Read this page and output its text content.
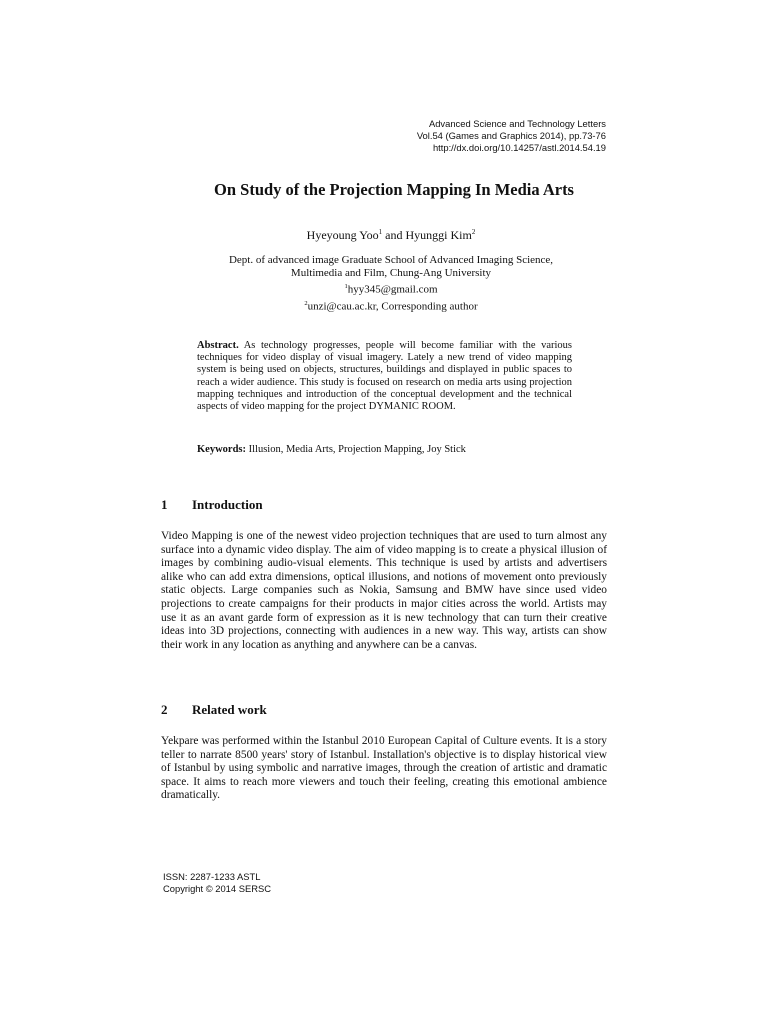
Advanced Science and Technology Letters
Vol.54 (Games and Graphics 2014), pp.73-76
http://dx.doi.org/10.14257/astl.2014.54.19
On Study of the Projection Mapping In Media Arts
Hyeyoung Yoo$^1$ and Hyunggi Kim$^2$
Dept. of advanced image Graduate School of Advanced Imaging Science,
Multimedia and Film, Chung-Ang University
$^1$hyy345@gmail.com
$^2$unzi@cau.ac.kr, Corresponding author
Abstract. As technology progresses, people will become familiar with the various techniques for video display of visual imagery. Lately a new trend of video mapping system is being used on objects, structures, buildings and displayed in public spaces to reach a wider audience. This study is focused on research on media arts using projection mapping techniques and introduction of the conceptual development and the technical aspects of video mapping for the project DYMANIC ROOM.
Keywords: Illusion, Media Arts, Projection Mapping, Joy Stick
1 Introduction
Video Mapping is one of the newest video projection techniques that are used to turn almost any surface into a dynamic video display. The aim of video mapping is to create a physical illusion of images by combining audio-visual elements. This technique is used by artists and advertisers alike who can add extra dimensions, optical illusions, and notions of movement onto previously static objects. Large companies such as Nokia, Samsung and BMW have since used video projections to create campaigns for their products in major cities across the world. Artists may use it as an avant garde form of expression as it is new technology that can turn their creative ideas into 3D projections, connecting with audiences in a new way. This way, artists can show their work in any location as anything and anywhere can be a canvas.
2 Related work
Yekpare was performed within the Istanbul 2010 European Capital of Culture events. It is a story teller to narrate 8500 years' story of Istanbul. Installation's objective is to display historical view of Istanbul by using symbolic and narrative images, through the creation of artistic and dramatic space. It aims to reach more viewers and touch their feeling, creating this emotional ambience dramatically.
ISSN: 2287-1233 ASTL
Copyright © 2014 SERSC
